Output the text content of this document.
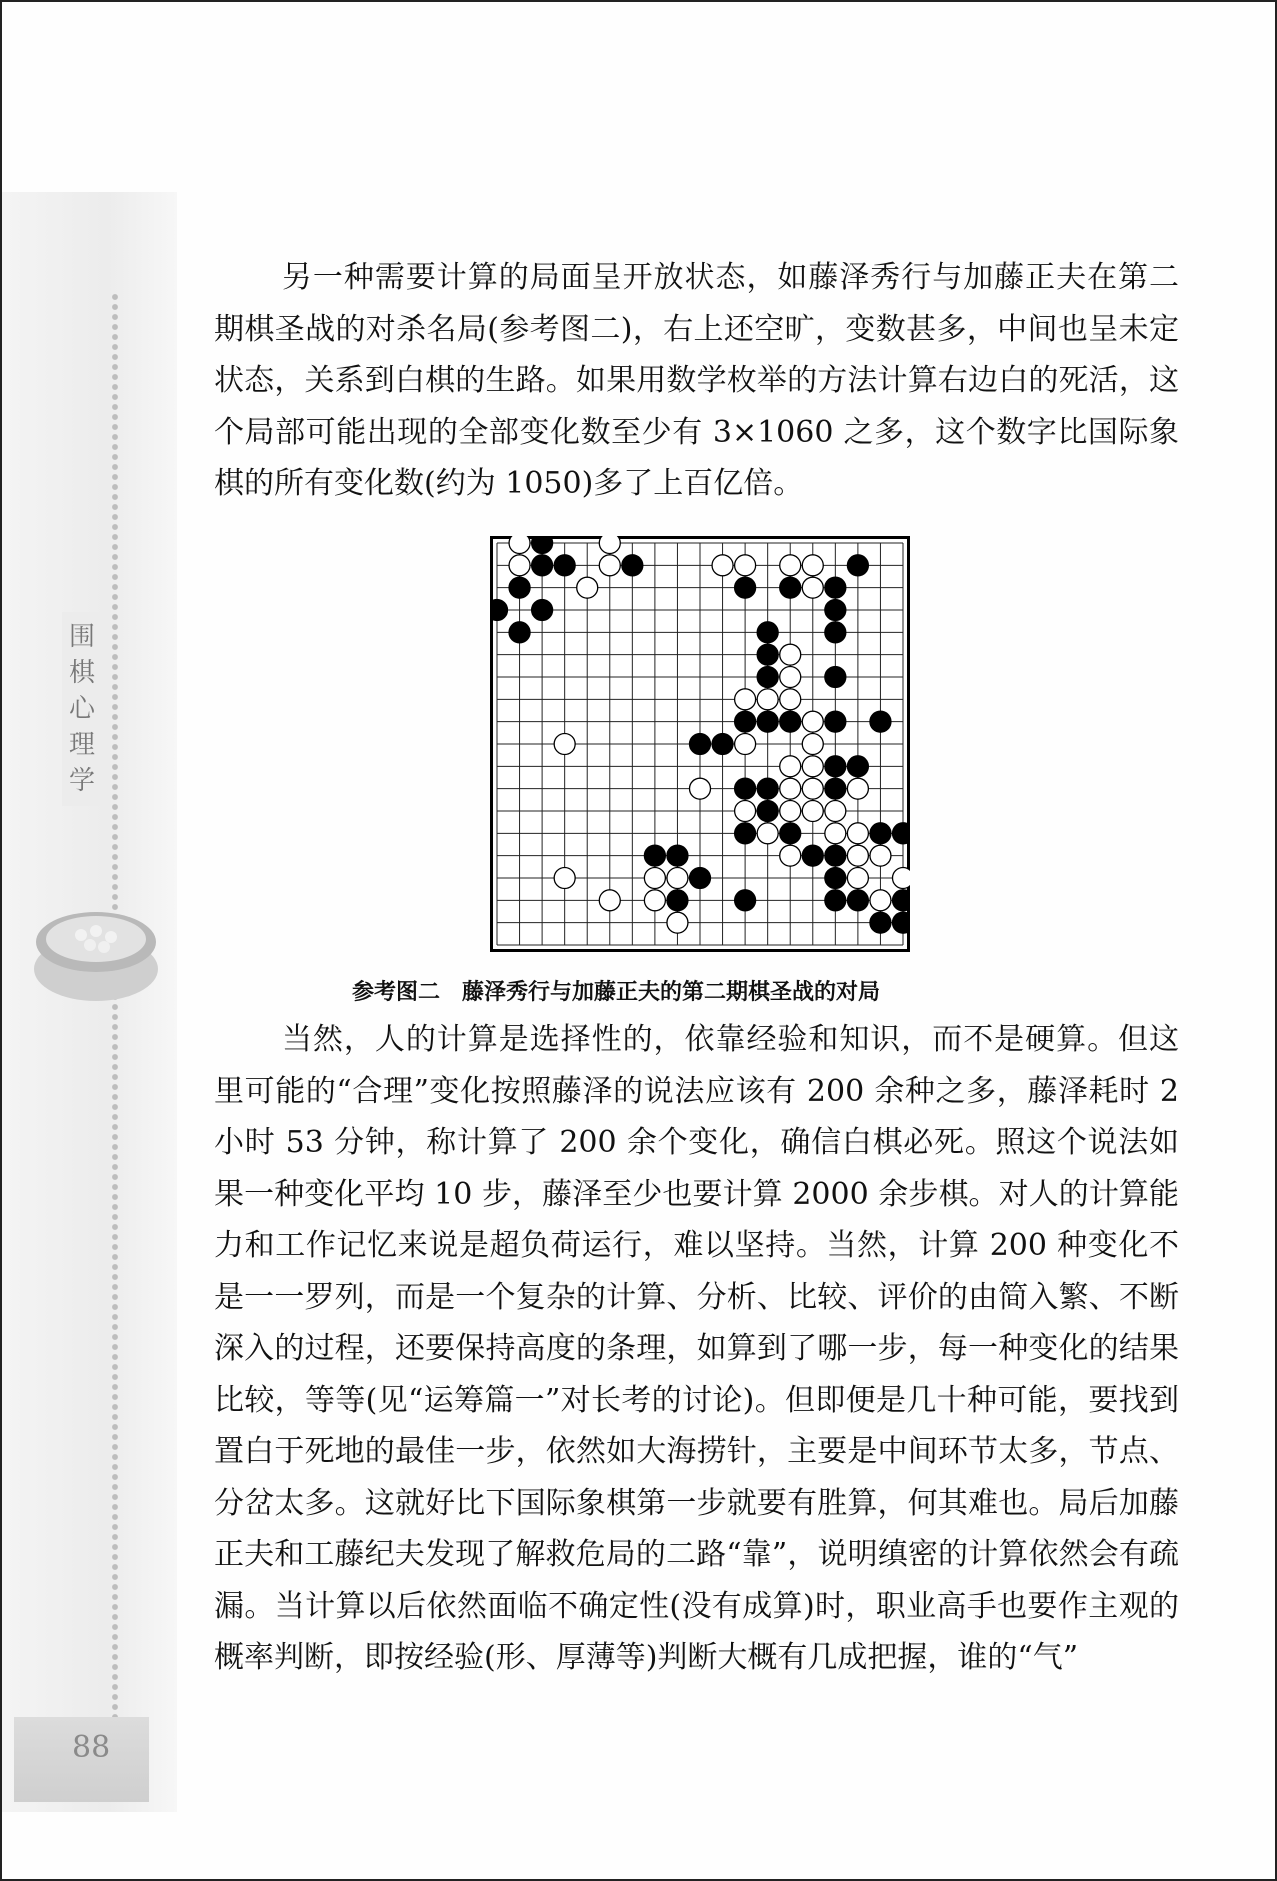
围
棋
心
理
学
88

另一种需要计算的局面呈开放状态，如藤泽秀行与加藤正夫在第二期棋圣战的对杀名局(参考图二)，右上还空旷，变数甚多，中间也呈未定状态，关系到白棋的生路。如果用数学枚举的方法计算右边白的死活，这个局部可能出现的全部变化数至少有 3×1060 之多，这个数字比国际象棋的所有变化数(约为 1050)多了上百亿倍。

参考图二　藤泽秀行与加藤正夫的第二期棋圣战的对局

当然，人的计算是选择性的，依靠经验和知识，而不是硬算。但这里可能的“合理”变化按照藤泽的说法应该有 200 余种之多，藤泽耗时 2 小时 53 分钟，称计算了 200 余个变化，确信白棋必死。照这个说法如果一种变化平均 10 步，藤泽至少也要计算 2000 余步棋。对人的计算能力和工作记忆来说是超负荷运行，难以坚持。当然，计算 200 种变化不是一一罗列，而是一个复杂的计算、分析、比较、评价的由简入繁、不断深入的过程，还要保持高度的条理，如算到了哪一步，每一种变化的结果比较，等等(见“运筹篇一”对长考的讨论)。但即便是几十种可能，要找到置白于死地的最佳一步，依然如大海捞针，主要是中间环节太多，节点、分岔太多。这就好比下国际象棋第一步就要有胜算，何其难也。局后加藤正夫和工藤纪夫发现了解救危局的二路“靠”，说明缜密的计算依然会有疏漏。当计算以后依然面临不确定性(没有成算)时，职业高手也要作主观的概率判断，即按经验(形、厚薄等)判断大概有几成把握，谁的“气”
